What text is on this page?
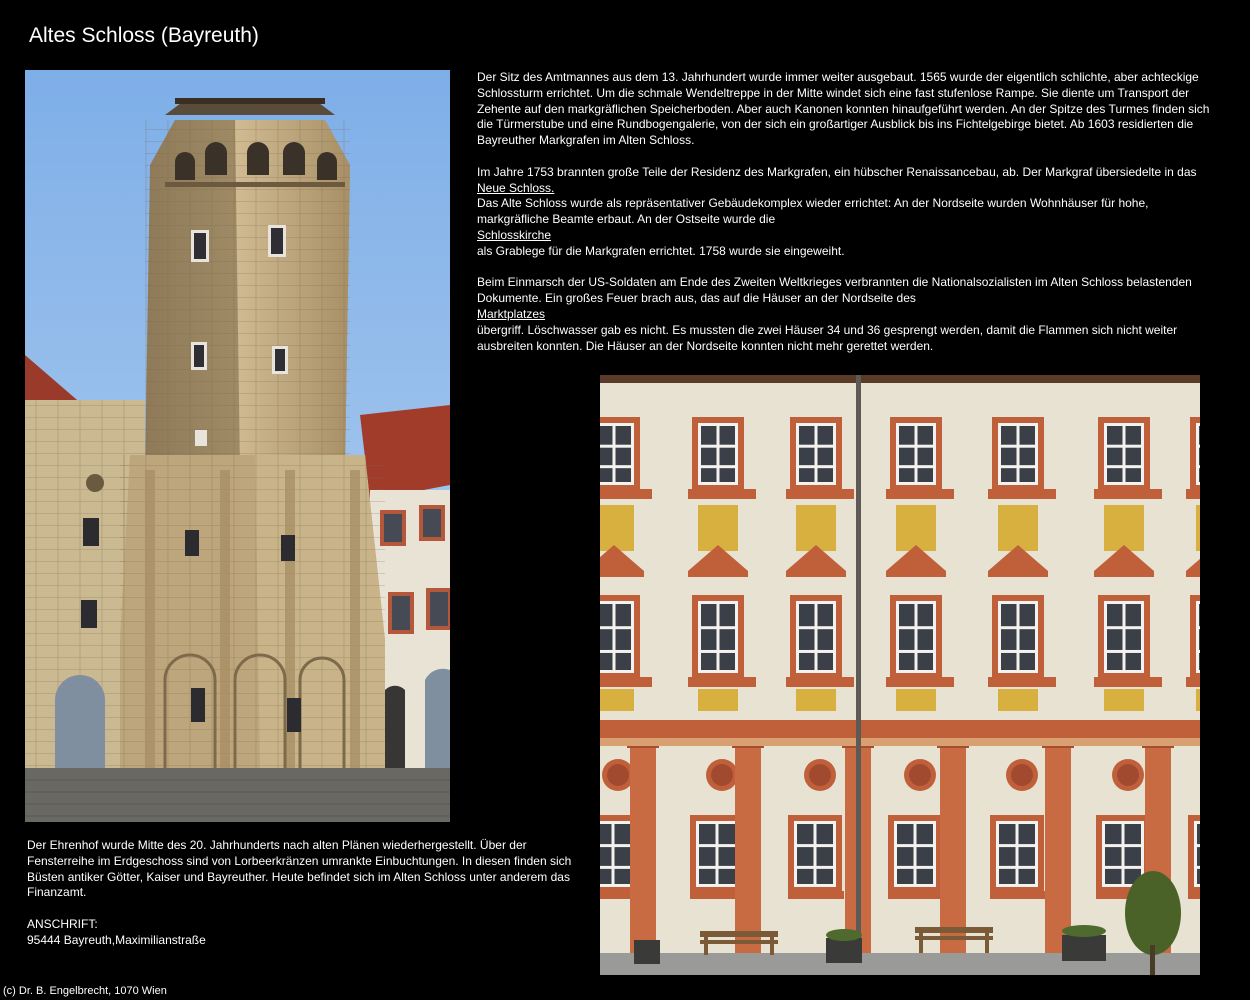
Altes Schloss (Bayreuth)

Der Sitz des Amtmannes aus dem 13. Jahrhundert wurde immer weiter ausgebaut. 1565 wurde der eigentlich schlichte, aber achteckige Schlossturm errichtet. Um die schmale Wendeltreppe in der Mitte windet sich eine fast stufenlose Rampe. Sie diente um Transport der Zehente auf den markgräflichen Speicherboden. Aber auch Kanonen konnten hinaufgeführt werden. An der Spitze des Turmes finden sich die Türmerstube und eine Rundbogengalerie, von der sich ein großartiger Ausblick bis ins Fichtelgebirge bietet. Ab 1603 residierten die Bayreuther Markgrafen im Alten Schloss.

Im Jahre 1753 brannten große Teile der Residenz des Markgrafen, ein hübscher Renaissancebau, ab. Der Markgraf übersiedelte in das
Neue Schloss.
Das Alte Schloss wurde als repräsentativer Gebäudekomplex wieder errichtet: An der Nordseite wurden Wohnhäuser für hohe, markgräfliche Beamte erbaut. An der Ostseite wurde die
Schlosskirche
als Grablege für die Markgrafen errichtet. 1758 wurde sie eingeweiht.

Beim Einmarsch der US-Soldaten am Ende des Zweiten Weltkrieges verbrannten die Nationalsozialisten im Alten Schloss belastenden Dokumente. Ein großes Feuer brach aus, das auf die Häuser an der Nordseite des
Marktplatzes
übergriff. Löschwasser gab es nicht. Es mussten die zwei Häuser 34 und 36 gesprengt werden, damit die Flammen sich nicht weiter ausbreiten konnten. Die Häuser an der Nordseite konnten nicht mehr gerettet werden.

Der Ehrenhof wurde Mitte des 20. Jahrhunderts nach alten Plänen wiederhergestellt. Über der Fensterreihe im Erdgeschoss sind von Lorbeerkränzen umrankte Einbuchtungen. In diesen finden sich Büsten antiker Götter, Kaiser und Bayreuther. Heute befindet sich im Alten Schloss unter anderem das Finanzamt.

ANSCHRIFT:
95444 Bayreuth,Maximilianstraße

(c) Dr. B. Engelbrecht, 1070 Wien
